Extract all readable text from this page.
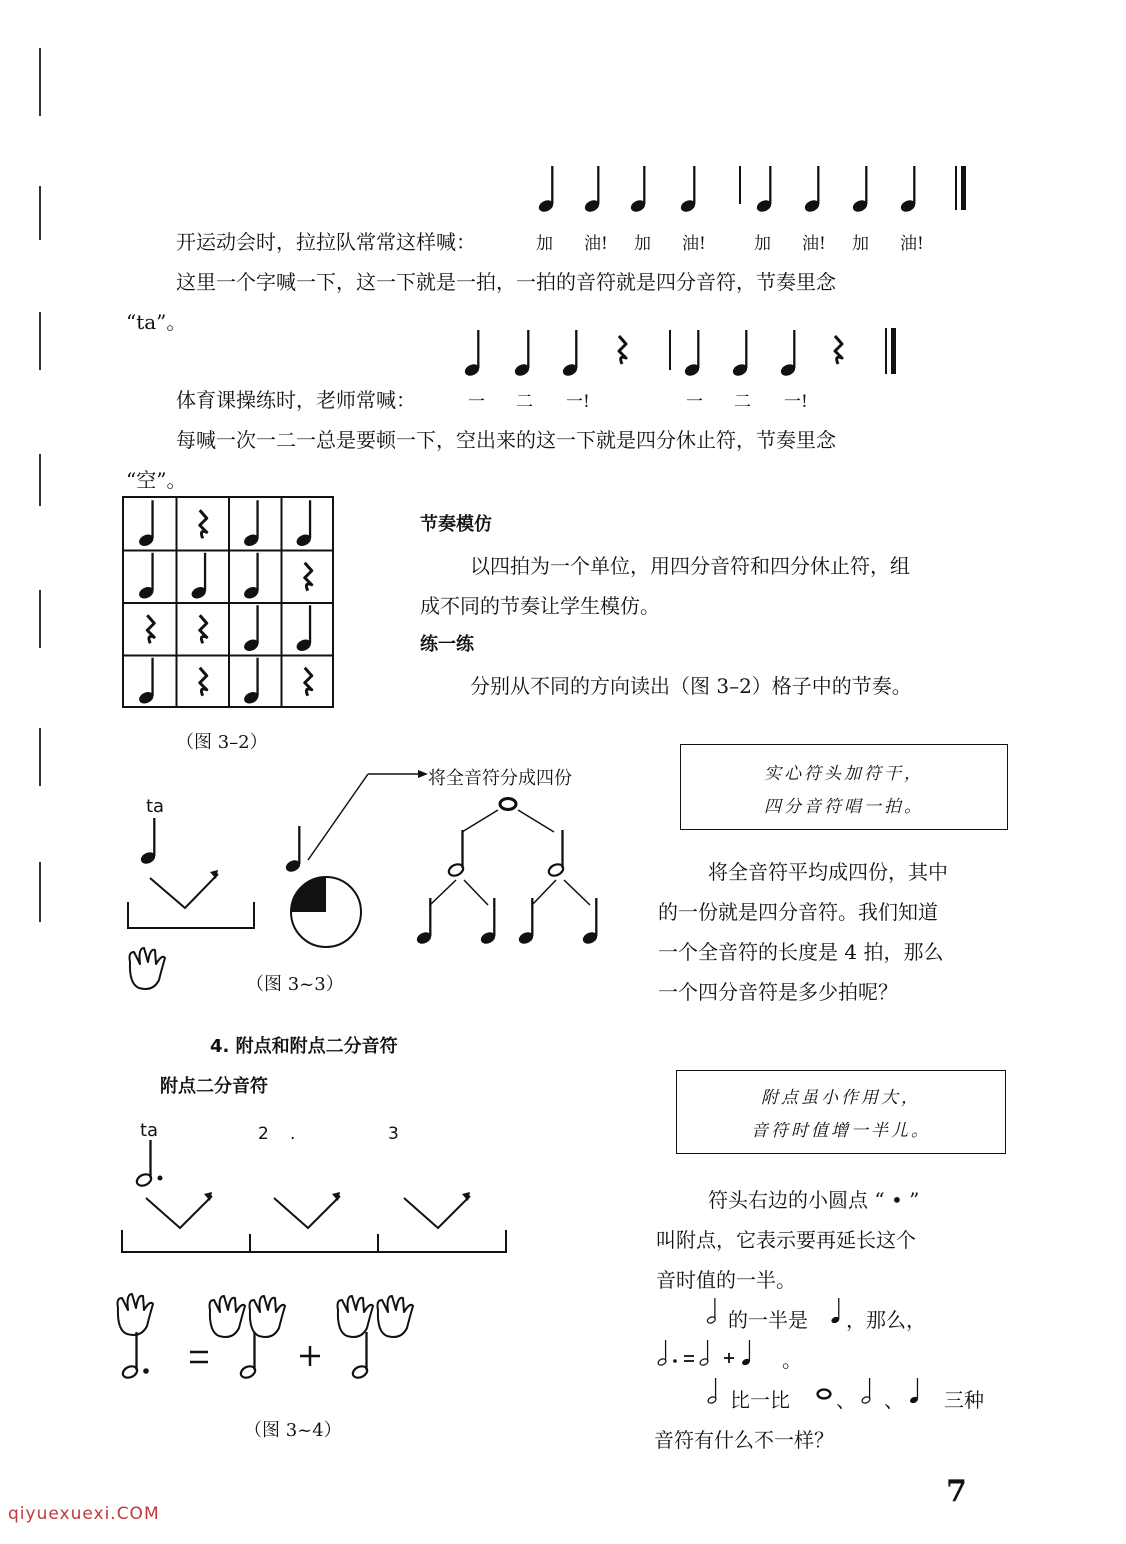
开运动会时，拉拉队常常这样喊：	加 油! 加 油!	加 油! 加 油!
这里一个字喊一下，这一下就是一拍，一拍的音符就是四分音符，节奏里念
“ta”。
体育课操练时，老师常喊：	一 二 一!	一 二 一!
每喊一次一二一总是要顿一下，空出来的这一下就是四分休止符，节奏里念
“空”。
（图 3–2）
节奏模仿
以四拍为一个单位，用四分音符和四分休止符，组
成不同的节奏让学生模仿。
练一练
分别从不同的方向读出（图 3–2）格子中的节奏。
ta
将全音符分成四份
（图 3~3）
实心符头加符干，
四分音符唱一拍。
将全音符平均成四份，其中
的一份就是四分音符。我们知道
一个全音符的长度是 4 拍，那么
一个四分音符是多少拍呢？
4. 附点和附点二分音符
附点二分音符
附点虽小作用大，
音符时值增一半儿。
ta	2 .	3
（图 3~4）
符头右边的小圆点 “ • ”
叫附点，它表示要再延长这个
音时值的一半。
的一半是 ，那么，
。
比一比 、 、 三种
音符有什么不一样？
7
qiyuexuexi.COM
